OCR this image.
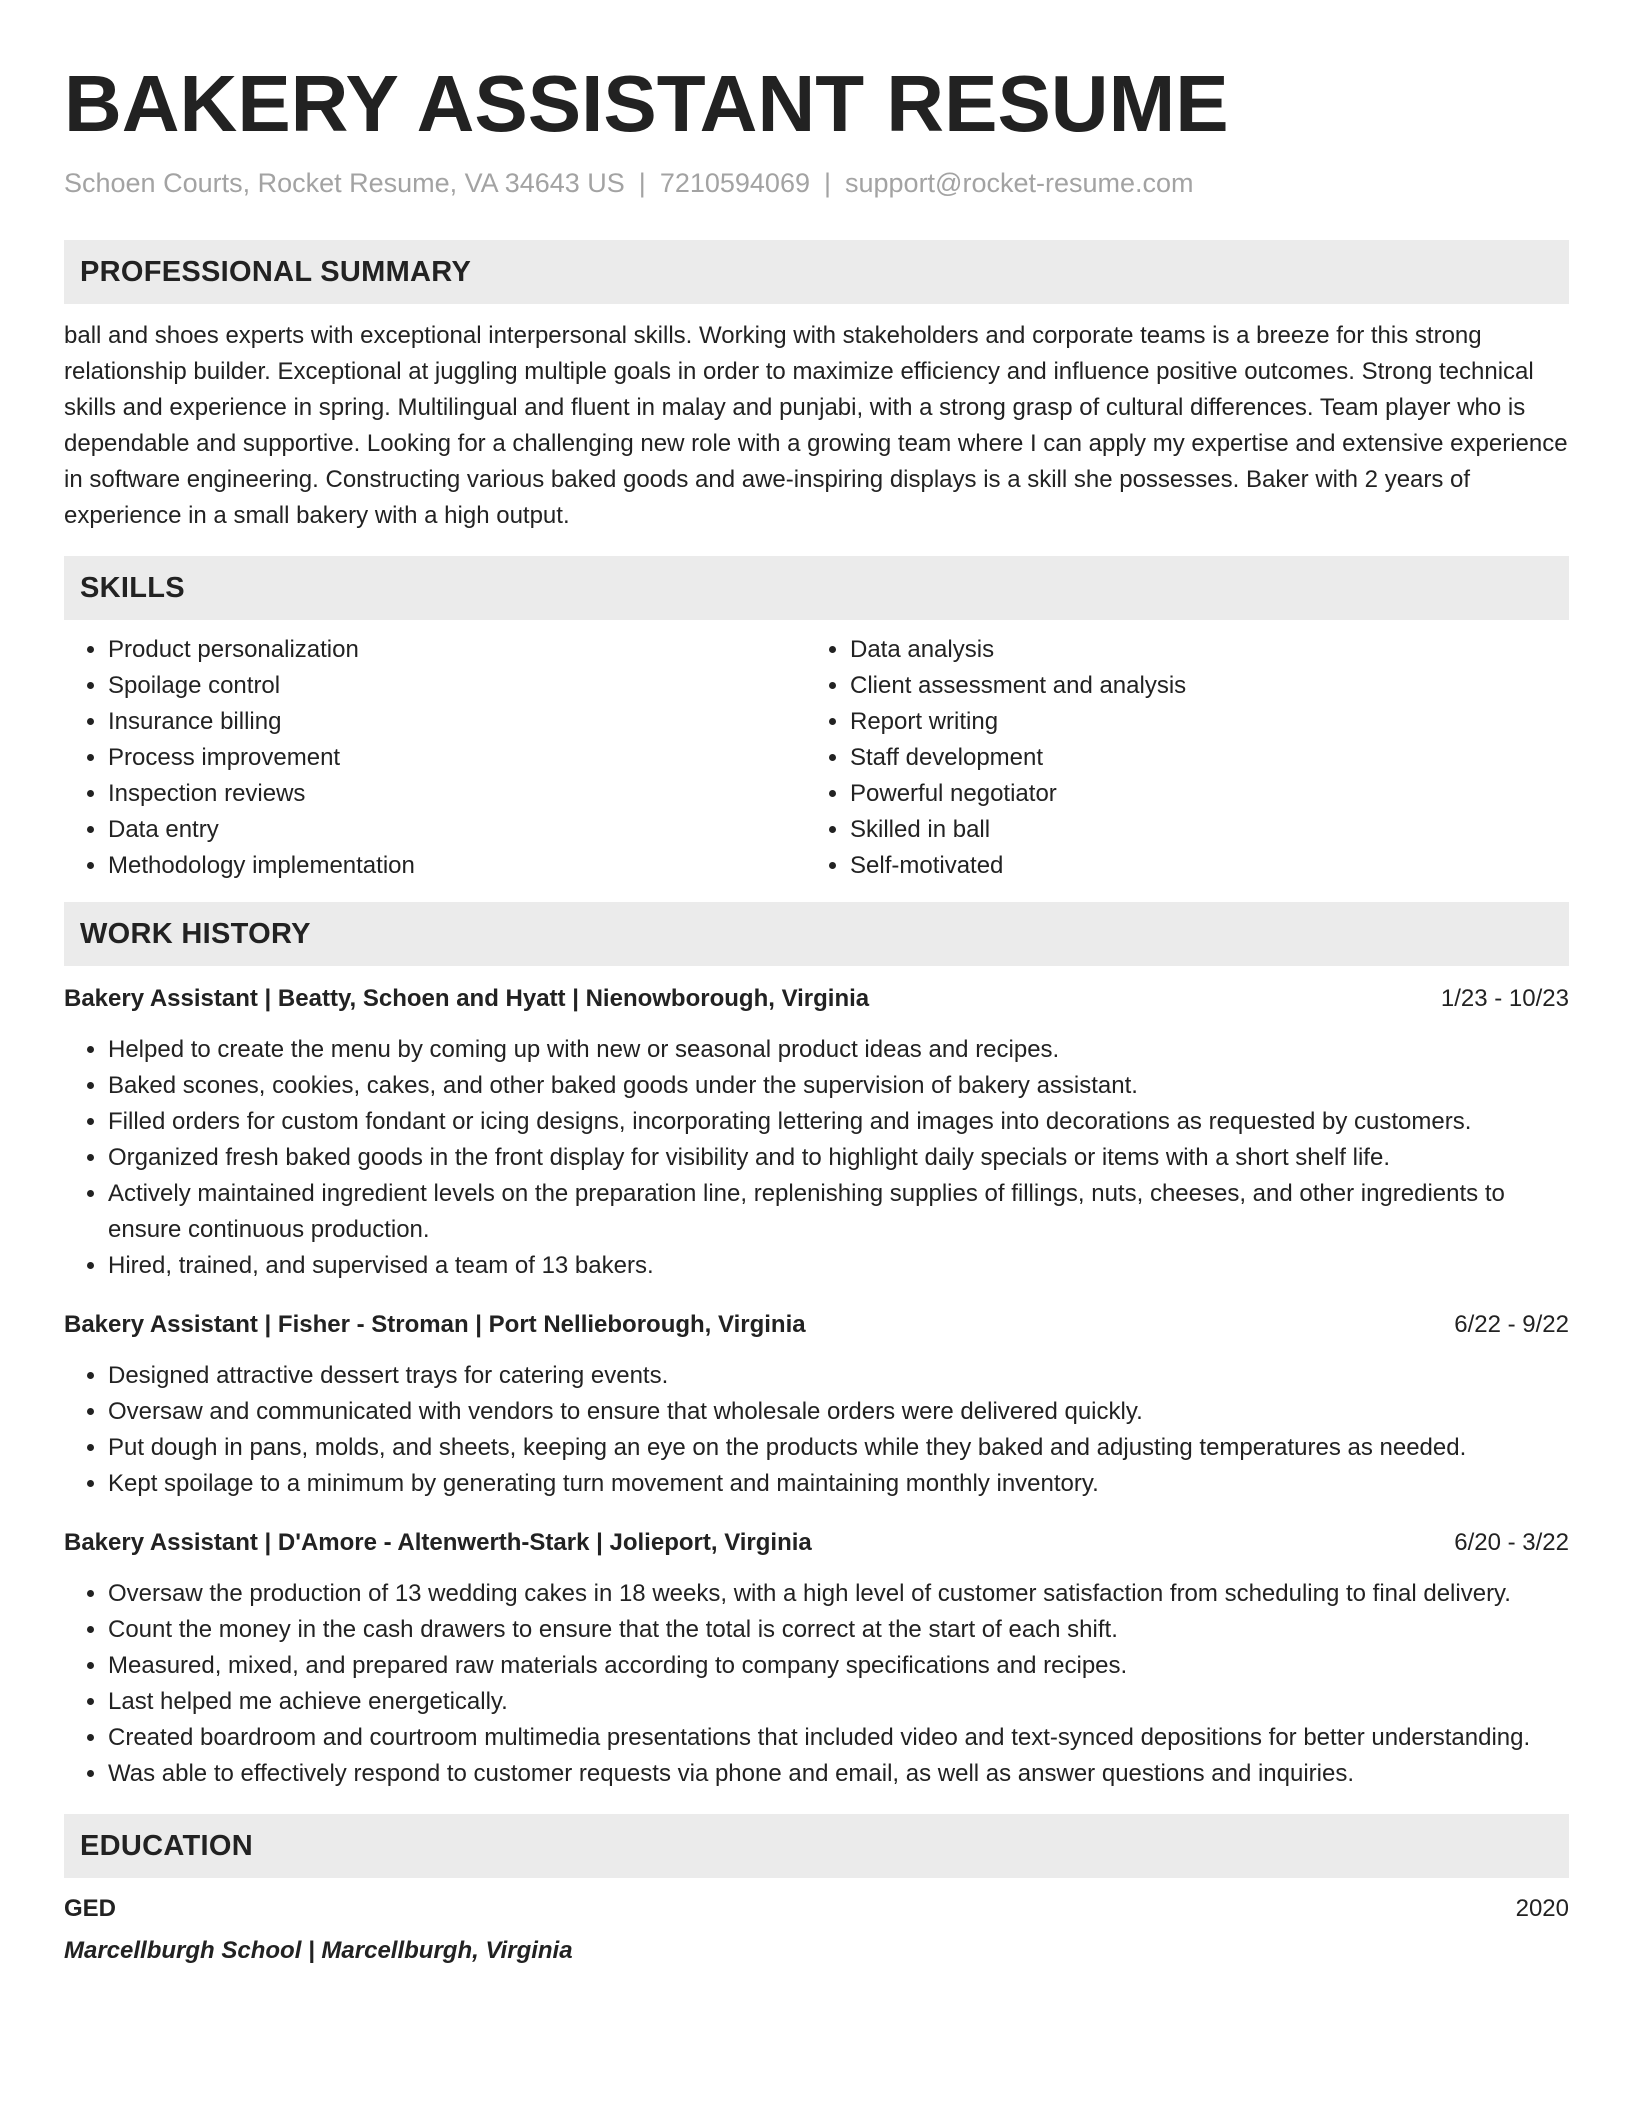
BAKERY ASSISTANT RESUME
Schoen Courts, Rocket Resume, VA 34643 US | 7210594069 | support@rocket-resume.com
PROFESSIONAL SUMMARY
ball and shoes experts with exceptional interpersonal skills. Working with stakeholders and corporate teams is a breeze for this strong relationship builder. Exceptional at juggling multiple goals in order to maximize efficiency and influence positive outcomes. Strong technical skills and experience in spring. Multilingual and fluent in malay and punjabi, with a strong grasp of cultural differences. Team player who is dependable and supportive. Looking for a challenging new role with a growing team where I can apply my expertise and extensive experience in software engineering. Constructing various baked goods and awe-inspiring displays is a skill she possesses. Baker with 2 years of experience in a small bakery with a high output.
SKILLS
• Product personalization
• Spoilage control
• Insurance billing
• Process improvement
• Inspection reviews
• Data entry
• Methodology implementation
• Data analysis
• Client assessment and analysis
• Report writing
• Staff development
• Powerful negotiator
• Skilled in ball
• Self-motivated
WORK HISTORY
Bakery Assistant | Beatty, Schoen and Hyatt | Nienowborough, Virginia	1/23 - 10/23
• Helped to create the menu by coming up with new or seasonal product ideas and recipes.
• Baked scones, cookies, cakes, and other baked goods under the supervision of bakery assistant.
• Filled orders for custom fondant or icing designs, incorporating lettering and images into decorations as requested by customers.
• Organized fresh baked goods in the front display for visibility and to highlight daily specials or items with a short shelf life.
• Actively maintained ingredient levels on the preparation line, replenishing supplies of fillings, nuts, cheeses, and other ingredients to ensure continuous production.
• Hired, trained, and supervised a team of 13 bakers.
Bakery Assistant | Fisher - Stroman | Port Nellieborough, Virginia	6/22 - 9/22
• Designed attractive dessert trays for catering events.
• Oversaw and communicated with vendors to ensure that wholesale orders were delivered quickly.
• Put dough in pans, molds, and sheets, keeping an eye on the products while they baked and adjusting temperatures as needed.
• Kept spoilage to a minimum by generating turn movement and maintaining monthly inventory.
Bakery Assistant | D'Amore - Altenwerth-Stark | Jolieport, Virginia	6/20 - 3/22
• Oversaw the production of 13 wedding cakes in 18 weeks, with a high level of customer satisfaction from scheduling to final delivery.
• Count the money in the cash drawers to ensure that the total is correct at the start of each shift.
• Measured, mixed, and prepared raw materials according to company specifications and recipes.
• Last helped me achieve energetically.
• Created boardroom and courtroom multimedia presentations that included video and text-synced depositions for better understanding.
• Was able to effectively respond to customer requests via phone and email, as well as answer questions and inquiries.
EDUCATION
GED	2020
Marcellburgh School | Marcellburgh, Virginia
